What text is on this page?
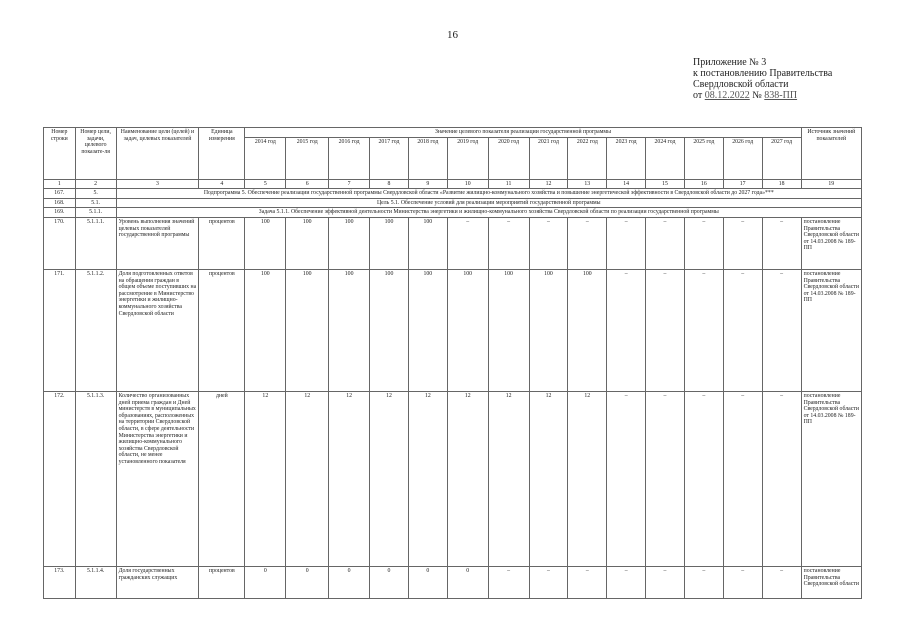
16
Приложение № 3
к постановлению Правительства
Свердловской области
от 08.12.2022 № 838-ПП
Номер строки	Номер цели, задачи, целевого показате-ля	Наименование цели (целей) и задач, целевых показателей	Единица измерения	Значение целевого показателя реализации государственной программы														Источник значений показателей
				2014 год	2015 год	2016 год	2017 год	2018 год	2019 год	2020 год	2021 год	2022 год	2023 год	2024 год	2025 год	2026 год	2027 год	
1	2	3	4	5	6	7	8	9	10	11	12	13	14	15	16	17	18	19
167.	5.	Подпрограмма 5. Обеспечение реализации государственной программы Свердловской области «Развитие жилищно-коммунального хозяйства и повышение энергетической эффективности в Свердловской области до 2027 года»***																
168.	5.1.	Цель 5.1. Обеспечение условий для реализации мероприятий государственной программы																
169.	5.1.1.	Задача 5.1.1. Обеспечение эффективной деятельности Министерства энергетики и жилищно-коммунального хозяйства Свердловской области по реализации государственной программы																
170.	5.1.1.1.	Уровень выполнения значений целевых показателей государственной программы	процентов	100	100	100	100	100	–	–	–	–	–	–	–	–	–	постановление Правительства Свердловской области от 14.03.2008 № 189-ПП
171.	5.1.1.2.	Доля подготовленных ответов на обращения граждан в общем объеме поступивших на рассмотрение в Министерство энергетики и жилищно-коммунального хозяйства Свердловской области	процентов	100	100	100	100	100	100	100	100	100	–	–	–	–	–	постановление Правительства Свердловской области от 14.03.2008 № 189-ПП
172.	5.1.1.3.	Количество организованных дней приема граждан и Дней министерств в муниципальных образованиях, расположенных на территории Свердловской области, в сфере деятельности Министерства энергетики и жилищно-коммунального хозяйства Свердловской области, не менее установленного показателя	дней	12	12	12	12	12	12	12	12	12	–	–	–	–	–	постановление Правительства Свердловской области от 14.03.2008 № 189-ПП
173.	5.1.1.4.	Доля государственных гражданских служащих	процентов	0	0	0	0	0	0	–	–	–	–	–	–	–	–	постановление Правительства Свердловской области
